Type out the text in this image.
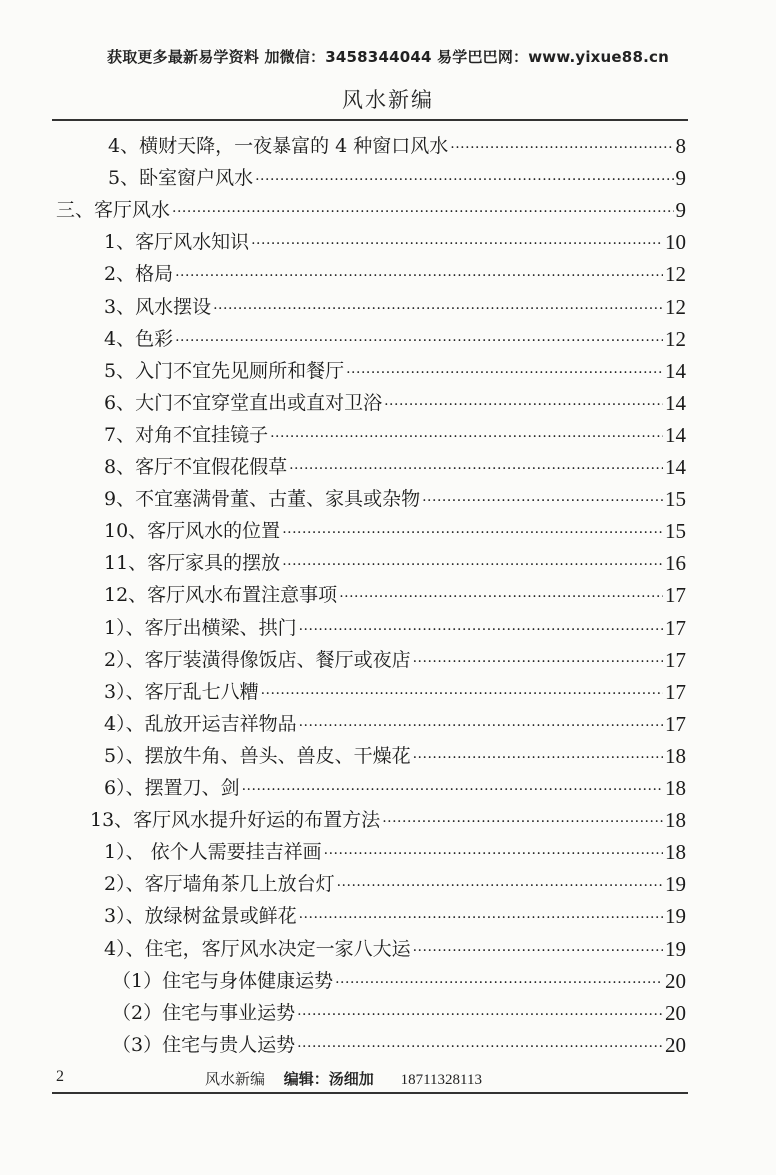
获取更多最新易学资料 加微信：3458344044 易学巴巴网：www.yixue88.cn
风水新编
4、横财天降，一夜暴富的 4 种窗口风水 ·····	8
5、卧室窗户风水 ·····	9
三、客厅风水 ·····	9
1、客厅风水知识 ·····	10
2、格局 ·····	12
3、风水摆设 ·····	12
4、色彩 ·····	12
5、入门不宜先见厕所和餐厅 ·····	14
6、大门不宜穿堂直出或直对卫浴 ·····	14
7、对角不宜挂镜子 ·····	14
8、客厅不宜假花假草 ·····	14
9、不宜塞满骨董、古董、家具或杂物 ·····	15
10、客厅风水的位置 ·····	15
11、客厅家具的摆放 ·····	16
12、客厅风水布置注意事项 ·····	17
1）、客厅出横梁、拱门 ·····	17
2）、客厅装潢得像饭店、餐厅或夜店 ·····	17
3）、客厅乱七八糟 ·····	17
4）、乱放开运吉祥物品 ·····	17
5）、摆放牛角、兽头、兽皮、干燥花 ·····	18
6）、摆置刀、剑 ·····	18
13、客厅风水提升好运的布置方法 ·····	18
1）、 依个人需要挂吉祥画 ·····	18
2）、客厅墙角茶几上放台灯 ·····	19
3）、放绿树盆景或鲜花 ·····	19
4）、住宅，客厅风水决定一家八大运 ·····	19
（1）住宅与身体健康运势 ·····	20
（2）住宅与事业运势 ·····	20
（3）住宅与贵人运势 ·····	20
2	风水新编 编辑：汤细加 18711328113
